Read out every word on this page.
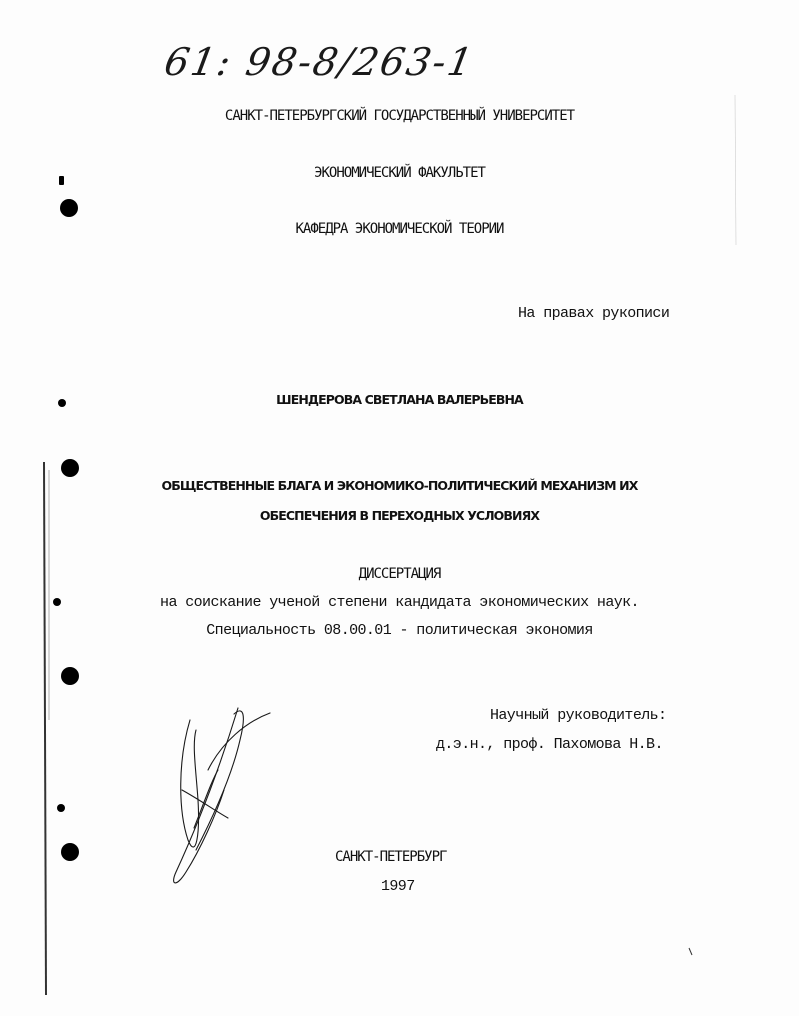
61: 98-8/263-1
САНКТ-ПЕТЕРБУРГСКИЙ ГОСУДАРСТВЕННЫЙ УНИВЕРСИТЕТ
ЭКОНОМИЧЕСКИЙ ФАКУЛЬТЕТ
КАФЕДРА ЭКОНОМИЧЕСКОЙ ТЕОРИИ
На правах рукописи
ШЕНДЕРОВА СВЕТЛАНА ВАЛЕРЬЕВНА
ОБЩЕСТВЕННЫЕ БЛАГА И ЭКОНОМИКО-ПОЛИТИЧЕСКИЙ МЕХАНИЗМ ИХ
ОБЕСПЕЧЕНИЯ В ПЕРЕХОДНЫХ УСЛОВИЯХ
ДИССЕРТАЦИЯ
на соискание ученой степени кандидата экономических наук.
Специальность 08.00.01 - политическая экономия
Научный руководитель:
д.э.н., проф. Пахомова Н.В.
САНКТ-ПЕТЕРБУРГ
1997
